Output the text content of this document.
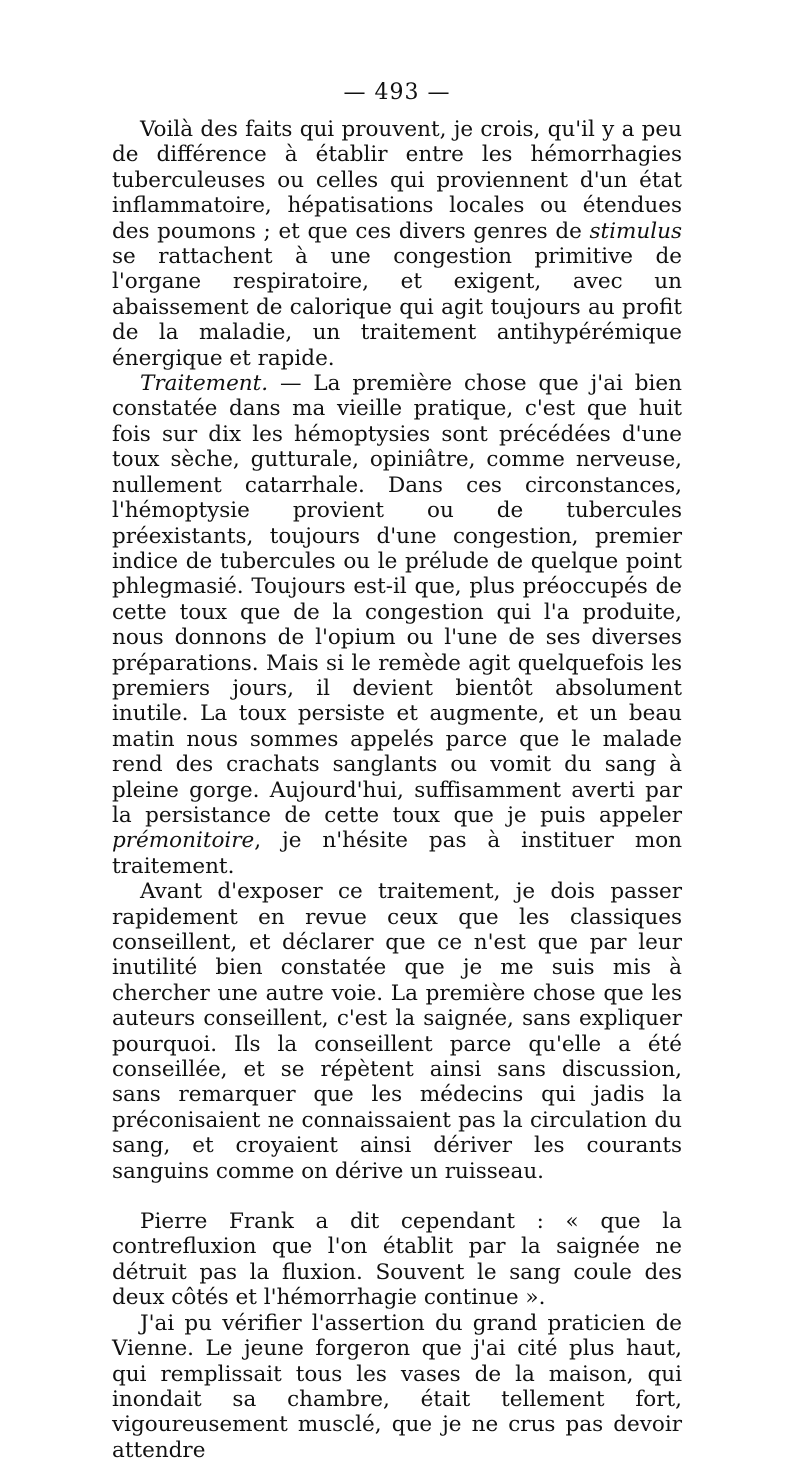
— 493 —

Voilà des faits qui prouvent, je crois, qu'il y a peu de différence à établir entre les hémorrhagies tuberculeuses ou celles qui proviennent d'un état inflammatoire, hépatisations locales ou étendues des poumons ; et que ces divers genres de stimulus se rattachent à une congestion primitive de l'organe respiratoire, et exigent, avec un abaissement de calorique qui agit toujours au profit de la maladie, un traitement antihypérémique énergique et rapide.

Traitement. — La première chose que j'ai bien constatée dans ma vieille pratique, c'est que huit fois sur dix les hémoptysies sont précédées d'une toux sèche, gutturale, opiniâtre, comme nerveuse, nullement catarrhale. Dans ces circonstances, l'hémoptysie provient ou de tubercules préexistants, toujours d'une congestion, premier indice de tubercules ou le prélude de quelque point phlegmasié. Toujours est-il que, plus préoccupés de cette toux que de la congestion qui l'a produite, nous donnons de l'opium ou l'une de ses diverses préparations. Mais si le remède agit quelquefois les premiers jours, il devient bientôt absolument inutile. La toux persiste et augmente, et un beau matin nous sommes appelés parce que le malade rend des crachats sanglants ou vomit du sang à pleine gorge. Aujourd'hui, suffisamment averti par la persistance de cette toux que je puis appeler prémonitoire, je n'hésite pas à instituer mon traitement.

Avant d'exposer ce traitement, je dois passer rapidement en revue ceux que les classiques conseillent, et déclarer que ce n'est que par leur inutilité bien constatée que je me suis mis à chercher une autre voie. La première chose que les auteurs conseillent, c'est la saignée, sans expliquer pourquoi. Ils la conseillent parce qu'elle a été conseillée, et se répètent ainsi sans discussion, sans remarquer que les médecins qui jadis la préconisaient ne connaissaient pas la circulation du sang, et croyaient ainsi dériver les courants sanguins comme on dérive un ruisseau.

Pierre Frank a dit cependant : « que la contrefluxion que l'on établit par la saignée ne détruit pas la fluxion. Souvent le sang coule des deux côtés et l'hémorrhagie continue ».

J'ai pu vérifier l'assertion du grand praticien de Vienne. Le jeune forgeron que j'ai cité plus haut, qui remplissait tous les vases de la maison, qui inondait sa chambre, était tellement fort, vigoureusement musclé, que je ne crus pas devoir attendre
